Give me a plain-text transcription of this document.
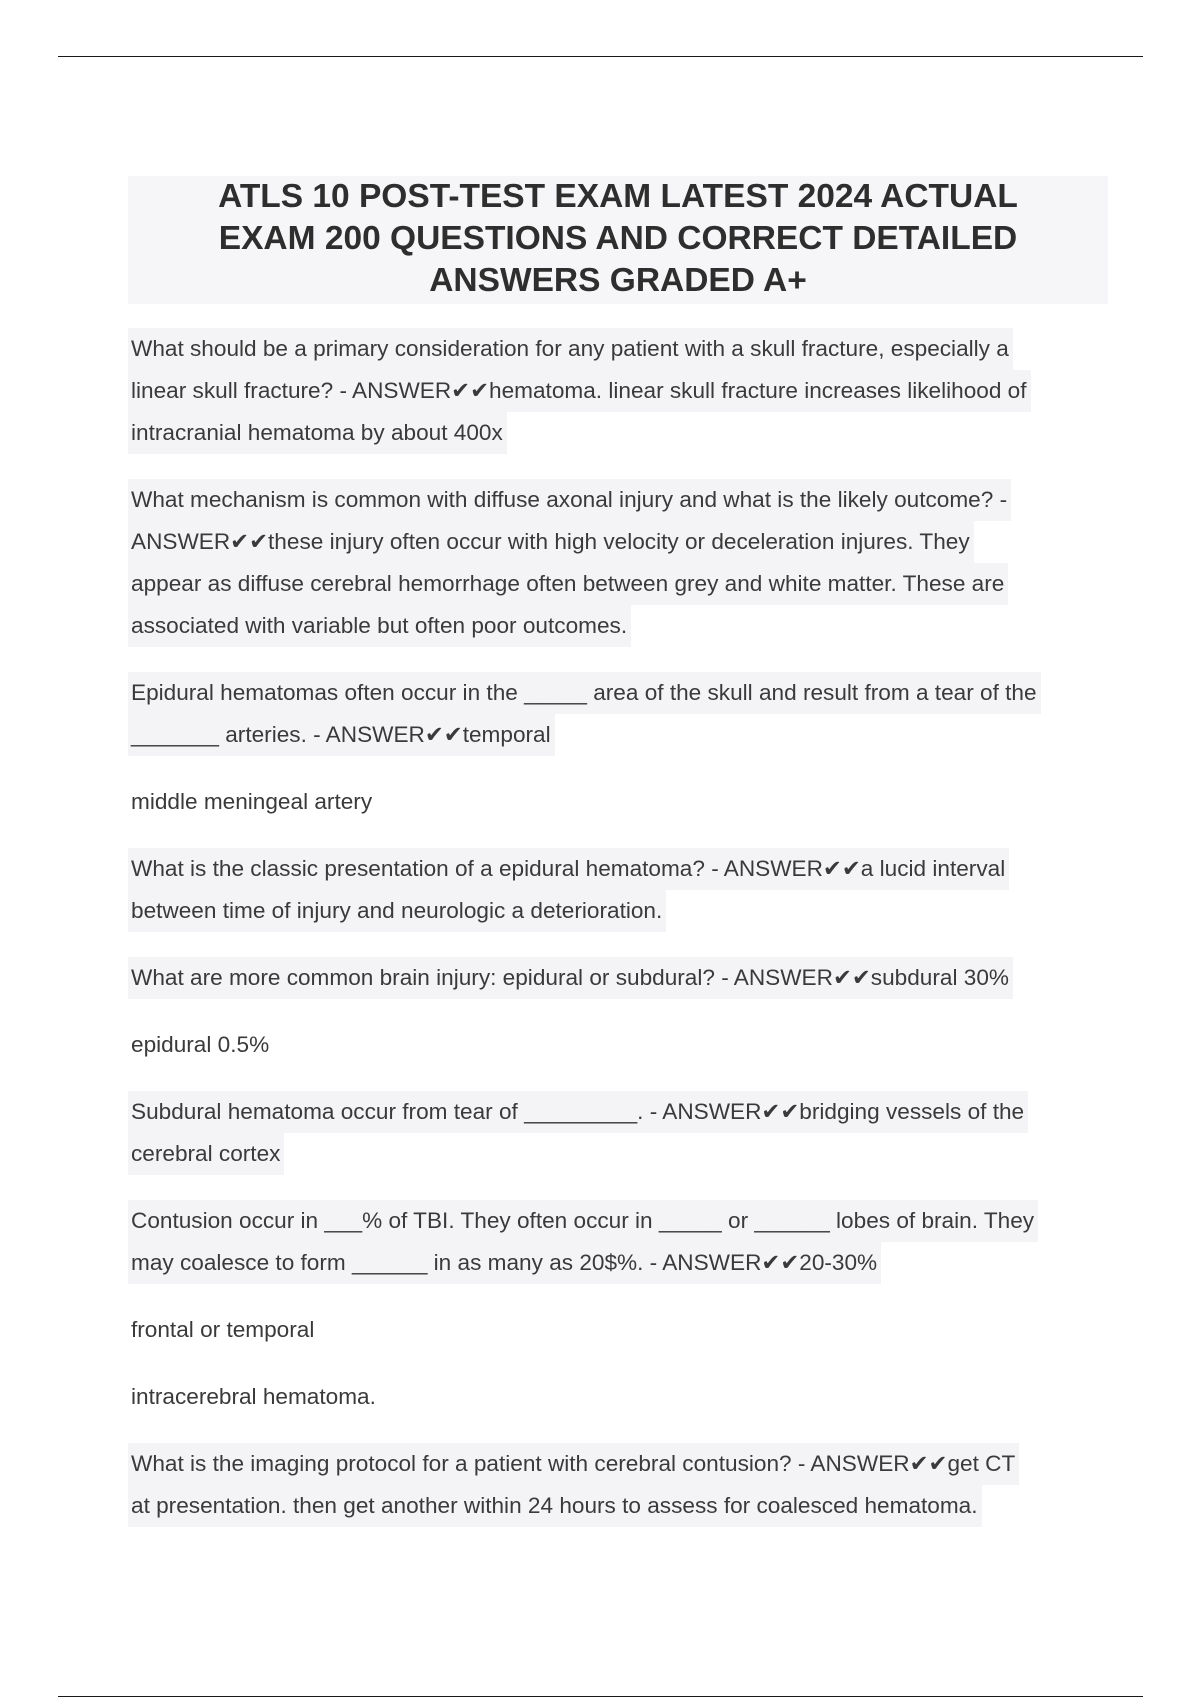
ATLS 10 POST-TEST EXAM LATEST 2024 ACTUAL
EXAM 200 QUESTIONS AND CORRECT DETAILED
ANSWERS GRADED A+
What should be a primary consideration for any patient with a skull fracture, especially a
linear skull fracture? - ANSWER✔✔hematoma. linear skull fracture increases likelihood of
intracranial hematoma by about 400x
What mechanism is common with diffuse axonal injury and what is the likely outcome? -
ANSWER✔✔these injury often occur with high velocity or deceleration injures. They
appear as diffuse cerebral hemorrhage often between grey and white matter. These are
associated with variable but often poor outcomes.
Epidural hematomas often occur in the _____ area of the skull and result from a tear of the
_______ arteries. - ANSWER✔✔temporal
middle meningeal artery
What is the classic presentation of a epidural hematoma? - ANSWER✔✔a lucid interval
between time of injury and neurologic a deterioration.
What are more common brain injury: epidural or subdural? - ANSWER✔✔subdural 30%
epidural 0.5%
Subdural hematoma occur from tear of _________. - ANSWER✔✔bridging vessels of the
cerebral cortex
Contusion occur in ___% of TBI. They often occur in _____ or ______ lobes of brain. They
may coalesce to form ______ in as many as 20$%. - ANSWER✔✔20-30%
frontal or temporal
intracerebral hematoma.
What is the imaging protocol for a patient with cerebral contusion? - ANSWER✔✔get CT
at presentation. then get another within 24 hours to assess for coalesced hematoma.
